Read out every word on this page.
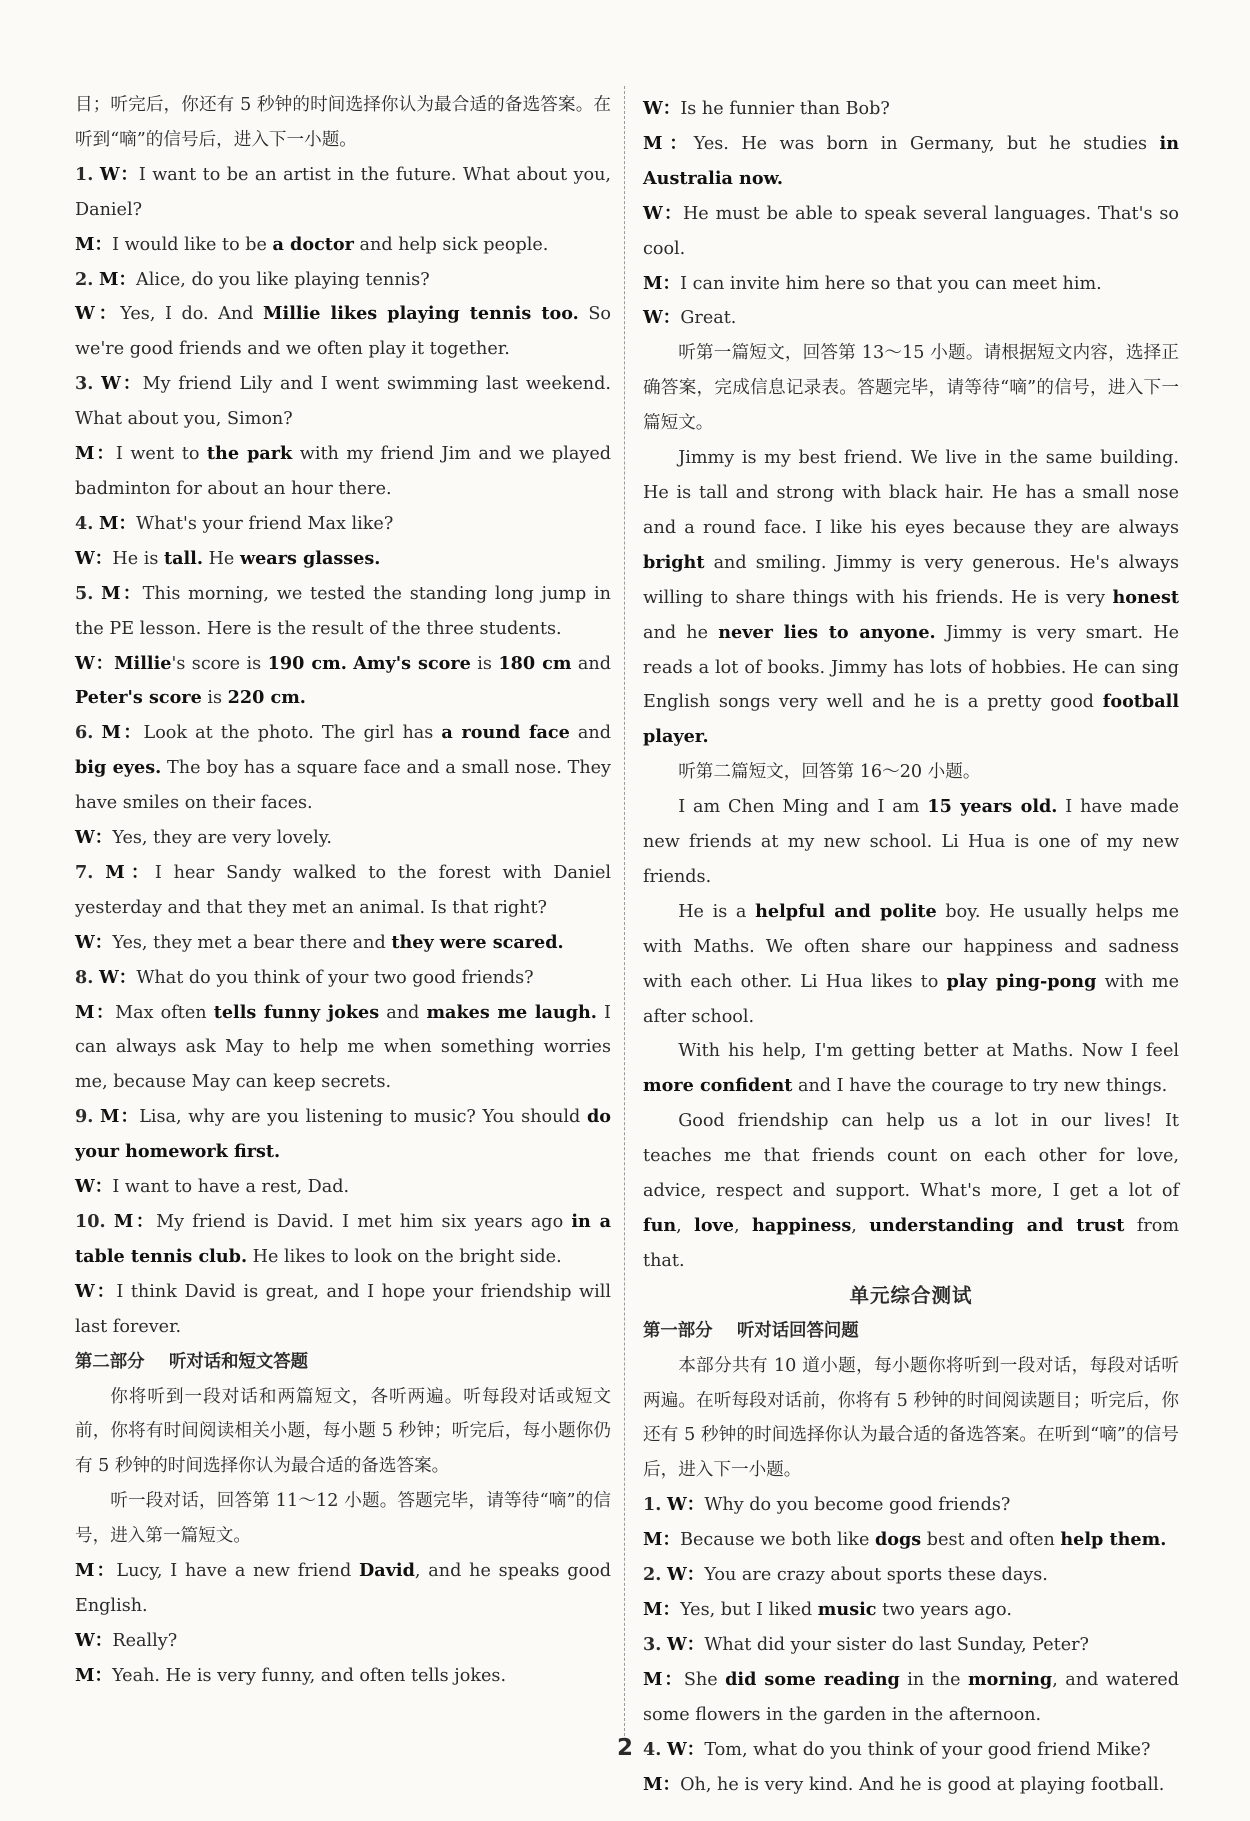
目；听完后，你还有 5 秒钟的时间选择你认为最合适的备选答案。在听到“嘀”的信号后，进入下一小题。

1. W：I want to be an artist in the future. What about you, Daniel?

M：I would like to be a doctor and help sick people.

2. M：Alice, do you like playing tennis?

W：Yes, I do. And Millie likes playing tennis too. So we're good friends and we often play it together.

3. W：My friend Lily and I went swimming last weekend. What about you, Simon?

M：I went to the park with my friend Jim and we played badminton for about an hour there.

4. M：What's your friend Max like?

W：He is tall. He wears glasses.

5. M：This morning, we tested the standing long jump in the PE lesson. Here is the result of the three students.

W：Millie's score is 190 cm. Amy's score is 180 cm and Peter's score is 220 cm.

6. M：Look at the photo. The girl has a round face and big eyes. The boy has a square face and a small nose. They have smiles on their faces.

W：Yes, they are very lovely.

7. M：I hear Sandy walked to the forest with Daniel yesterday and that they met an animal. Is that right?

W：Yes, they met a bear there and they were scared.

8. W：What do you think of your two good friends?

M：Max often tells funny jokes and makes me laugh. I can always ask May to help me when something worries me, because May can keep secrets.

9. M：Lisa, why are you listening to music? You should do your homework first.

W：I want to have a rest, Dad.

10. M：My friend is David. I met him six years ago in a table tennis club. He likes to look on the bright side.

W：I think David is great, and I hope your friendship will last forever.

第二部分 听对话和短文答题

你将听到一段对话和两篇短文，各听两遍。听每段对话或短文前，你将有时间阅读相关小题，每小题 5 秒钟；听完后，每小题你仍有 5 秒钟的时间选择你认为最合适的备选答案。

听一段对话，回答第 11～12 小题。答题完毕，请等待“嘀”的信号，进入第一篇短文。

M：Lucy, I have a new friend David, and he speaks good English.

W：Really?

M：Yeah. He is very funny, and often tells jokes.

W：Is he funnier than Bob?

M：Yes. He was born in Germany, but he studies in Australia now.

W：He must be able to speak several languages. That's so cool.

M：I can invite him here so that you can meet him.

W：Great.

听第一篇短文，回答第 13～15 小题。请根据短文内容，选择正确答案，完成信息记录表。答题完毕，请等待“嘀”的信号，进入下一篇短文。

Jimmy is my best friend. We live in the same building. He is tall and strong with black hair. He has a small nose and a round face. I like his eyes because they are always bright and smiling. Jimmy is very generous. He's always willing to share things with his friends. He is very honest and he never lies to anyone. Jimmy is very smart. He reads a lot of books. Jimmy has lots of hobbies. He can sing English songs very well and he is a pretty good football player.

听第二篇短文，回答第 16～20 小题。

I am Chen Ming and I am 15 years old. I have made new friends at my new school. Li Hua is one of my new friends.

He is a helpful and polite boy. He usually helps me with Maths. We often share our happiness and sadness with each other. Li Hua likes to play ping-pong with me after school.

With his help, I'm getting better at Maths. Now I feel more confident and I have the courage to try new things.

Good friendship can help us a lot in our lives! It teaches me that friends count on each other for love, advice, respect and support. What's more, I get a lot of fun, love, happiness, understanding and trust from that.

单元综合测试

第一部分 听对话回答问题

本部分共有 10 道小题，每小题你将听到一段对话，每段对话听两遍。在听每段对话前，你将有 5 秒钟的时间阅读题目；听完后，你还有 5 秒钟的时间选择你认为最合适的备选答案。在听到“嘀”的信号后，进入下一小题。

1. W：Why do you become good friends?

M：Because we both like dogs best and often help them.

2. W：You are crazy about sports these days.

M：Yes, but I liked music two years ago.

3. W：What did your sister do last Sunday, Peter?

M：She did some reading in the morning, and watered some flowers in the garden in the afternoon.

4. W：Tom, what do you think of your good friend Mike?

M：Oh, he is very kind. And he is good at playing football.

2
